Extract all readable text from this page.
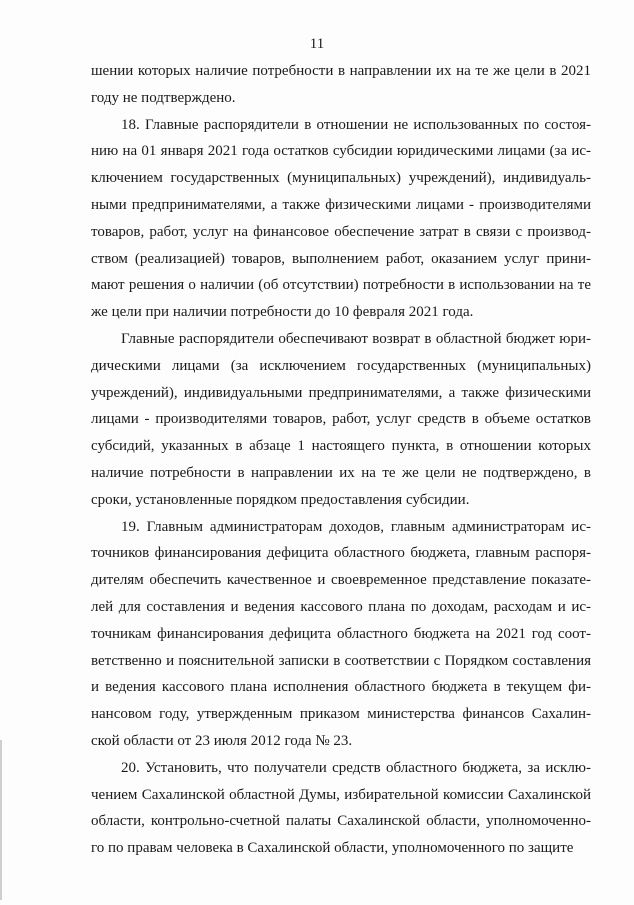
11
шении которых наличие потребности в направлении их на те же цели в 2021
году не подтверждено.
18. Главные распорядители в отношении не использованных по состоя-
нию на 01 января 2021 года остатков субсидии юридическими лицами (за ис-
ключением государственных (муниципальных) учреждений), индивидуаль-
ными предпринимателями, а также физическими лицами - производителями
товаров, работ, услуг на финансовое обеспечение затрат в связи с производ-
ством (реализацией) товаров, выполнением работ, оказанием услуг прини-
мают решения о наличии (об отсутствии) потребности в использовании на те
же цели при наличии потребности до 10 февраля 2021 года.
Главные распорядители обеспечивают возврат в областной бюджет юри-
дическими лицами (за исключением государственных (муниципальных)
учреждений), индивидуальными предпринимателями, а также физическими
лицами - производителями товаров, работ, услуг средств в объеме остатков
субсидий, указанных в абзаце 1 настоящего пункта, в отношении которых
наличие потребности в направлении их на те же цели не подтверждено, в
сроки, установленные порядком предоставления субсидии.
19. Главным администраторам доходов, главным администраторам ис-
точников финансирования дефицита областного бюджета, главным распоря-
дителям обеспечить качественное и своевременное представление показате-
лей для составления и ведения кассового плана по доходам, расходам и ис-
точникам финансирования дефицита областного бюджета на 2021 год соот-
ветственно и пояснительной записки в соответствии с Порядком составления
и ведения кассового плана исполнения областного бюджета в текущем фи-
нансовом году, утвержденным приказом министерства финансов Сахалин-
ской области от 23 июля 2012 года № 23.
20. Установить, что получатели средств областного бюджета, за исклю-
чением Сахалинской областной Думы, избирательной комиссии Сахалинской
области, контрольно-счетной палаты Сахалинской области, уполномоченно-
го по правам человека в Сахалинской области, уполномоченного по защите
